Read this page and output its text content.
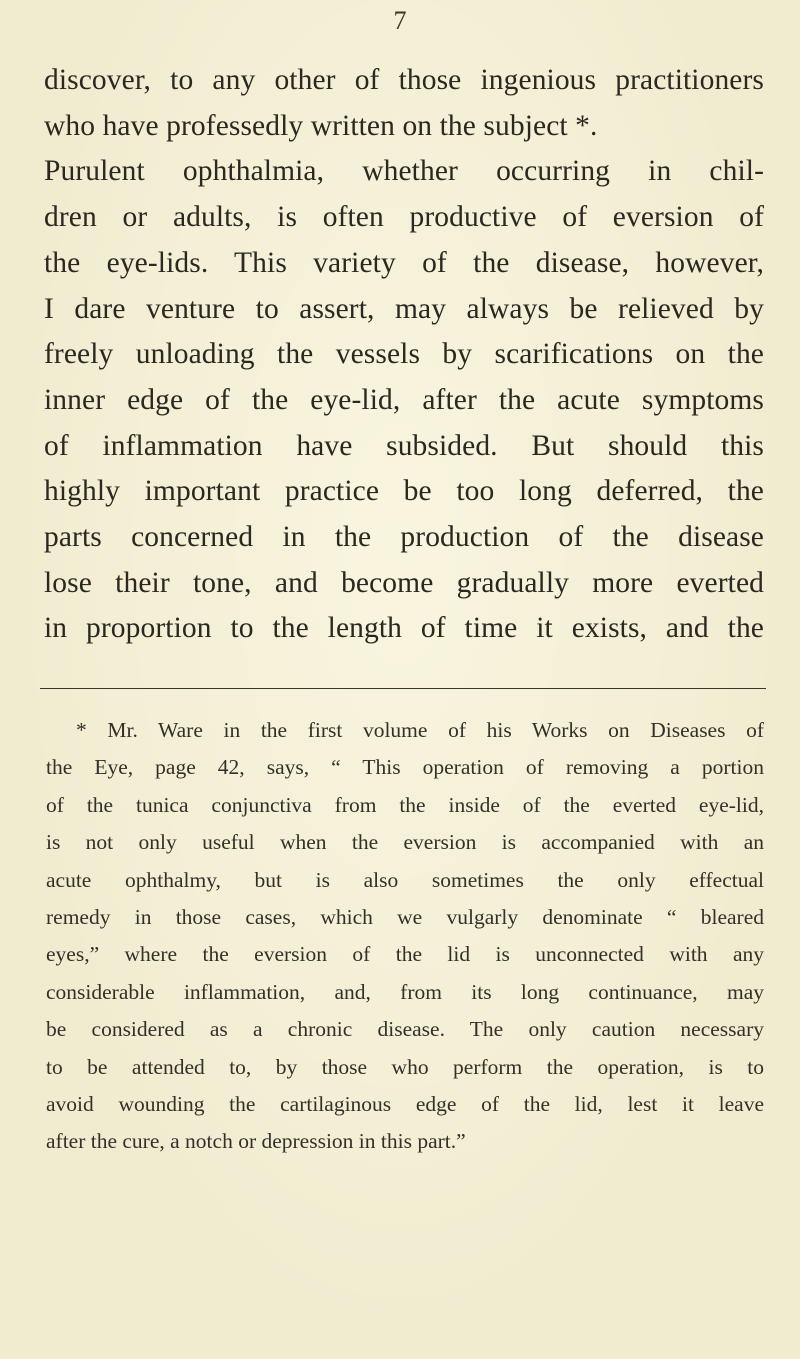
7
discover, to any other of those ingenious practitioners
who have professedly written on the subject *.
Purulent ophthalmia, whether occurring in chil-
dren or adults, is often productive of eversion of
the eye-lids. This variety of the disease, however,
I dare venture to assert, may always be relieved by
freely unloading the vessels by scarifications on the
inner edge of the eye-lid, after the acute symptoms
of inflammation have subsided. But should this
highly important practice be too long deferred, the
parts concerned in the production of the disease
lose their tone, and become gradually more everted
in proportion to the length of time it exists, and the
* Mr. Ware in the first volume of his Works on Diseases of
the Eye, page 42, says, “ This operation of removing a portion
of the tunica conjunctiva from the inside of the everted eye-lid,
is not only useful when the eversion is accompanied with an
acute ophthalmy, but is also sometimes the only effectual
remedy in those cases, which we vulgarly denominate “ bleared
eyes,” where the eversion of the lid is unconnected with any
considerable inflammation, and, from its long continuance, may
be considered as a chronic disease. The only caution necessary
to be attended to, by those who perform the operation, is to
avoid wounding the cartilaginous edge of the lid, lest it leave
after the cure, a notch or depression in this part.”
